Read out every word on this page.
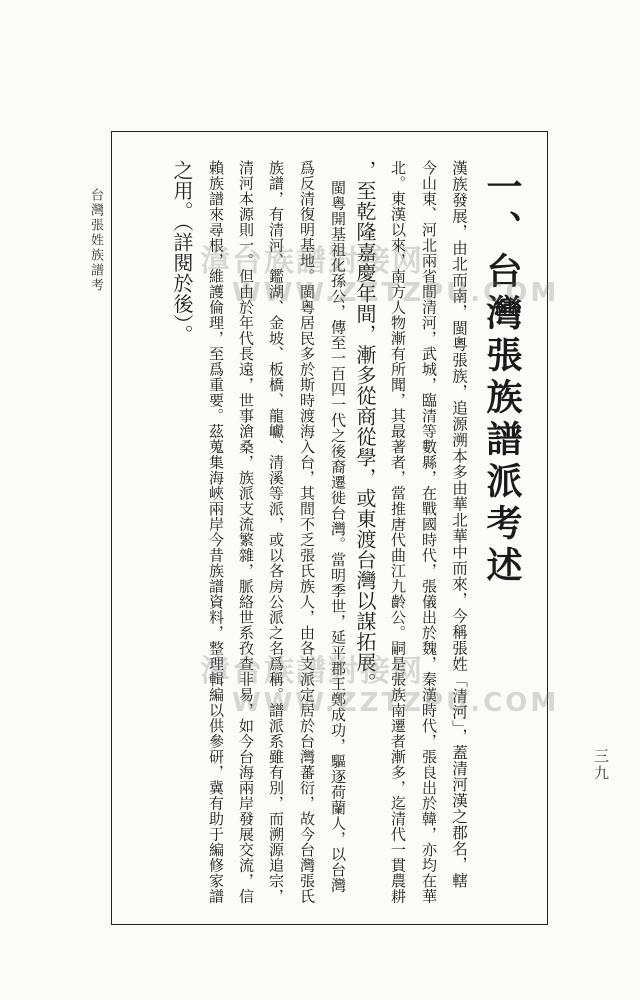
台灣張姓族譜考
三九
一、台灣張族譜派考述
漢族發展，由北而南，閩粵張族，追源溯本多由華北華中而來，今稱張姓「清河」，蓋清河漢之郡名，轄
今山東、河北兩省間清河，武城，臨清等數縣，在戰國時代，張儀出於魏，秦漢時代，張良出於韓，亦均在華
北。東漢以來，南方人物漸有所聞，其最著者，當推唐代曲江九齡公。嗣是張族南遷者漸多，迄清代一貫農耕
，至乾隆嘉慶年間，漸多從商從學，或東渡台灣以謀拓展。
閩粵開基祖化孫公，傳至一百四一代之後裔遷徙台灣。當明季世，延平郡王鄭成功，驅逐荷蘭人，以台灣
爲反清復明基地。閩粵居民多於斯時渡海入台，其間不乏張氏族人，由各支派定居於台灣蕃衍，故今台灣張氏
族譜，有清河、鑑湖、金坡、板橋、龍巘、清溪等派，或以各房公派之名爲稱。譜派系雖有別，而溯源追宗，
清河本源則一。但由於年代長遠，世事滄桑，族派支流繁雜，脈絡世系孜查非易，如今台海兩岸發展交流，信
賴族譜來尋根，維護倫理，至爲重要。茲蒐集海峽兩岸今昔族譜資料，整理輯編以供參研，冀有助于編修家譜
之用。（詳閱於後）。 漳台族譜對接网
WWW.ZZTZPU.COM
漳台族譜對接网
WWW.ZZTZPU.COM
